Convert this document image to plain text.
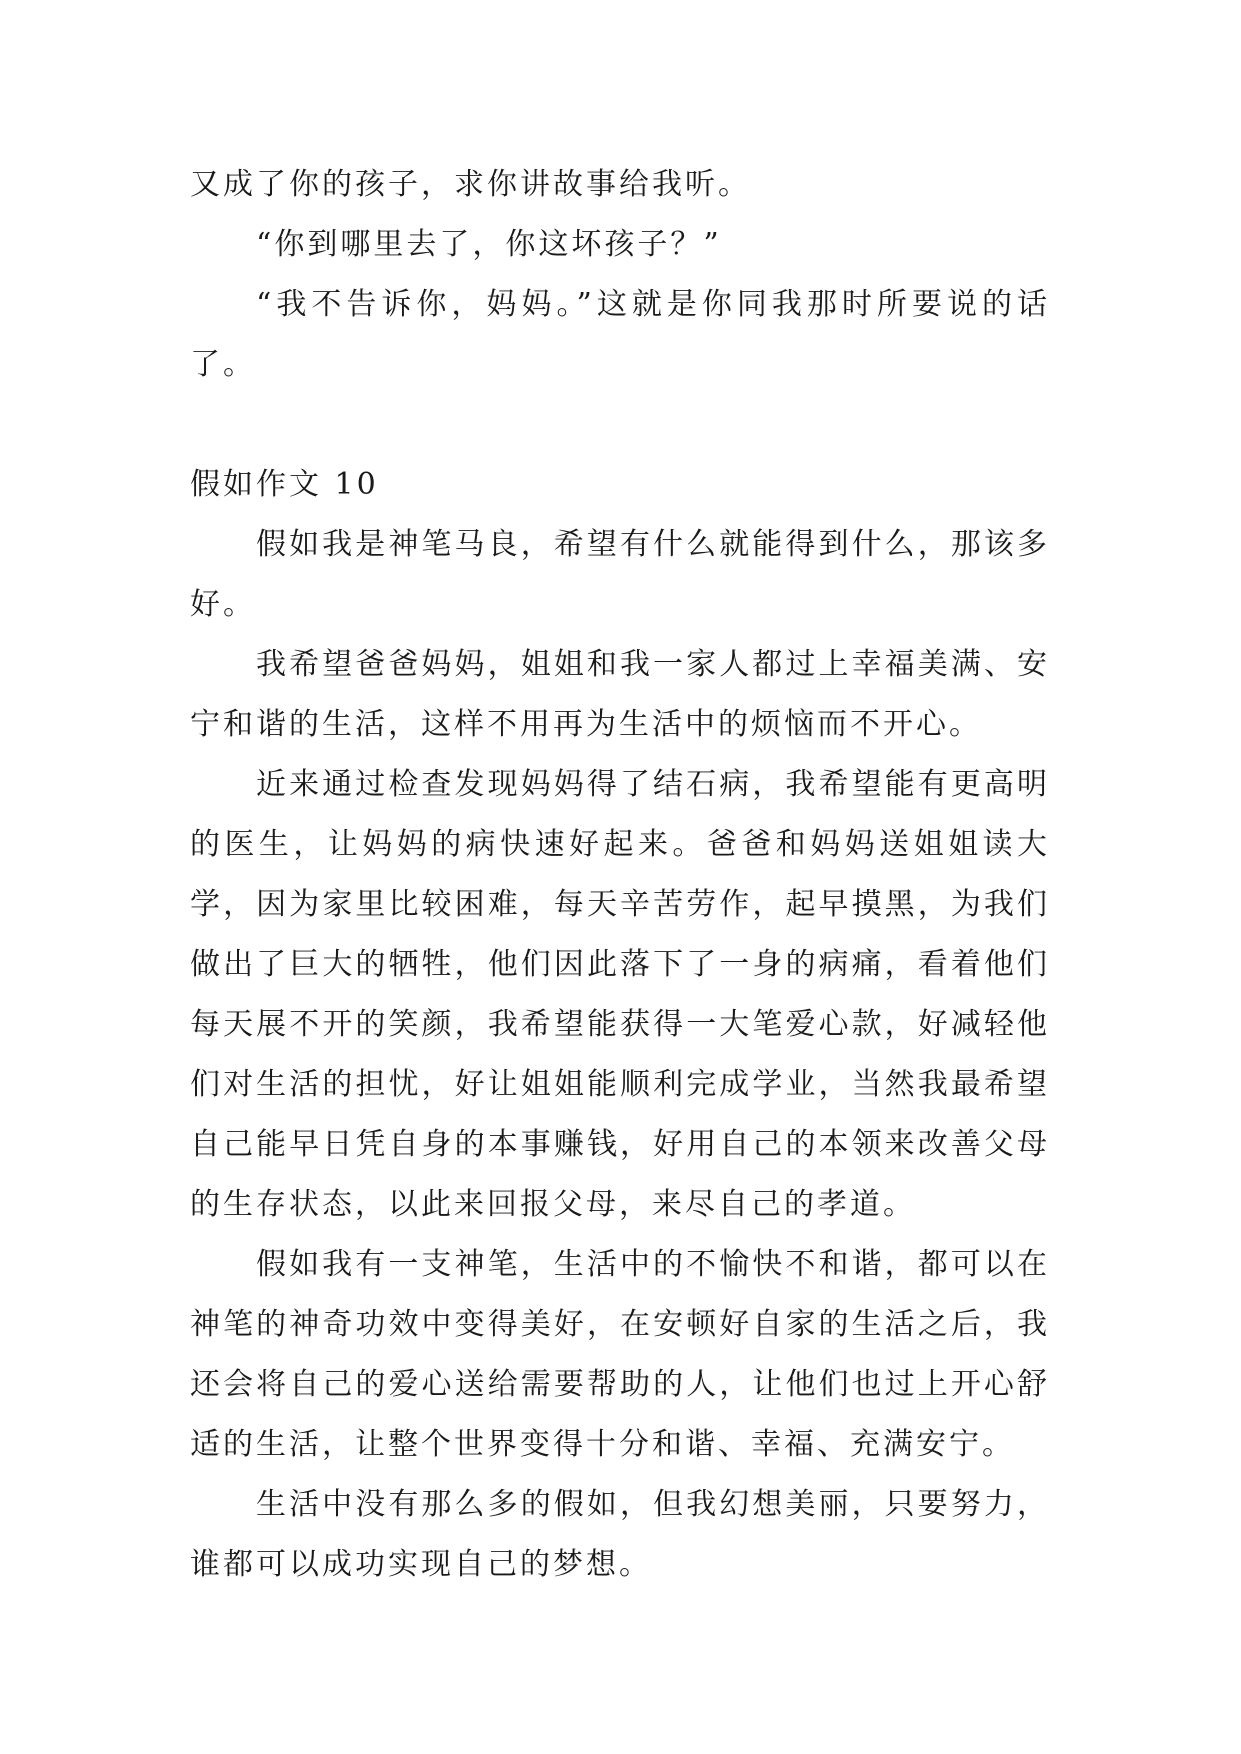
又成了你的孩子，求你讲故事给我听。

“你到哪里去了，你这坏孩子？”

“我不告诉你，妈妈。”这就是你同我那时所要说的话了。

假如作文 10

假如我是神笔马良，希望有什么就能得到什么，那该多好。

我希望爸爸妈妈，姐姐和我一家人都过上幸福美满、安宁和谐的生活，这样不用再为生活中的烦恼而不开心。

近来通过检查发现妈妈得了结石病，我希望能有更高明的医生，让妈妈的病快速好起来。爸爸和妈妈送姐姐读大学，因为家里比较困难，每天辛苦劳作，起早摸黑，为我们做出了巨大的牺牲，他们因此落下了一身的病痛，看着他们每天展不开的笑颜，我希望能获得一大笔爱心款，好减轻他们对生活的担忧，好让姐姐能顺利完成学业，当然我最希望自己能早日凭自身的本事赚钱，好用自己的本领来改善父母的生存状态，以此来回报父母，来尽自己的孝道。

假如我有一支神笔，生活中的不愉快不和谐，都可以在神笔的神奇功效中变得美好，在安顿好自家的生活之后，我还会将自己的爱心送给需要帮助的人，让他们也过上开心舒适的生活，让整个世界变得十分和谐、幸福、充满安宁。

生活中没有那么多的假如，但我幻想美丽，只要努力，谁都可以成功实现自己的梦想。
